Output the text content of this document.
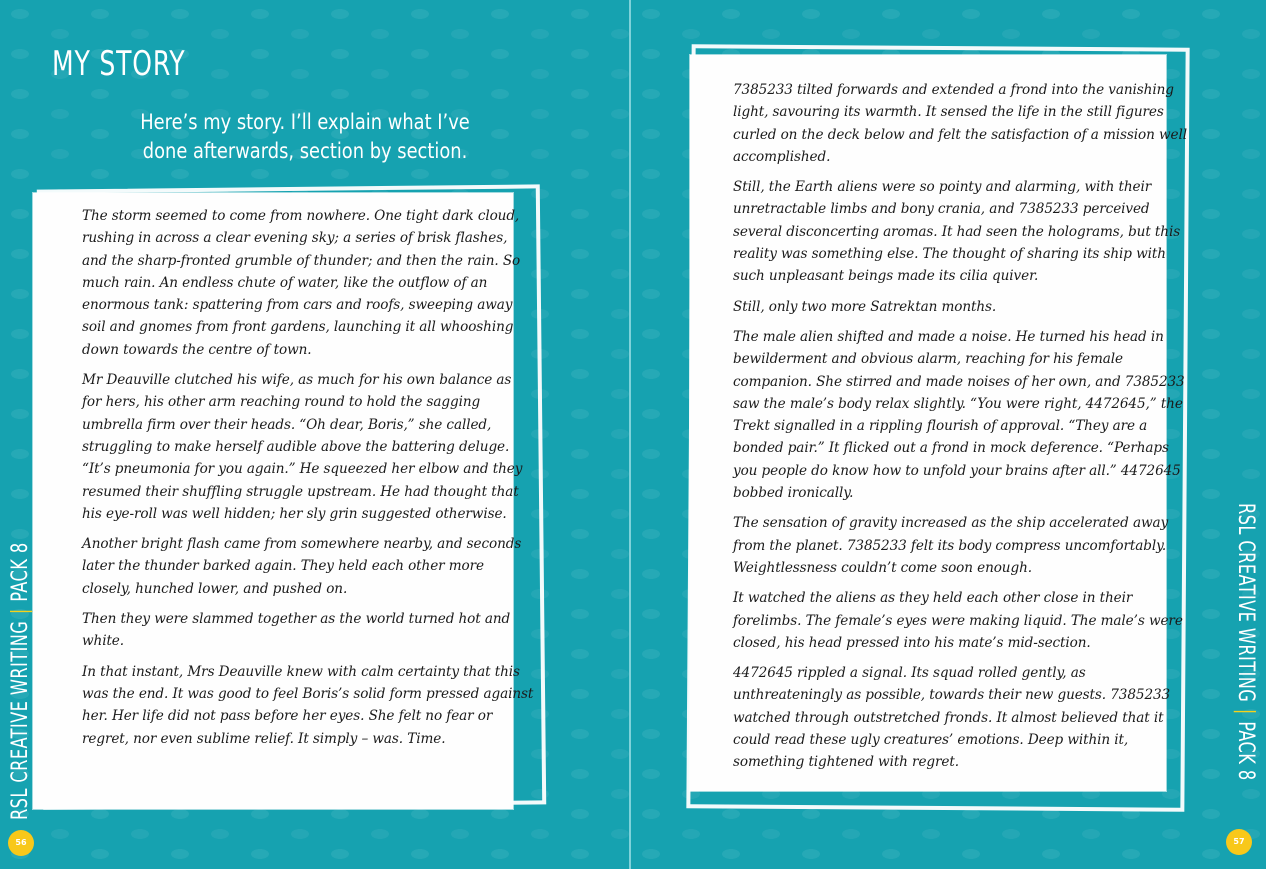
MY STORY
Here’s my story. I’ll explain what I’ve done afterwards, section by section.

The storm seemed to come from nowhere. One tight dark cloud, rushing in across a clear evening sky; a series of brisk flashes, and the sharp-fronted grumble of thunder; and then the rain. So much rain. An endless chute of water, like the outflow of an enormous tank: spattering from cars and roofs, sweeping away soil and gnomes from front gardens, launching it all whooshing down towards the centre of town.

Mr Deauville clutched his wife, as much for his own balance as for hers, his other arm reaching round to hold the sagging umbrella firm over their heads. “Oh dear, Boris,” she called, struggling to make herself audible above the battering deluge. “It’s pneumonia for you again.” He squeezed her elbow and they resumed their shuffling struggle upstream. He had thought that his eye-roll was well hidden; her sly grin suggested otherwise.

Another bright flash came from somewhere nearby, and seconds later the thunder barked again. They held each other more closely, hunched lower, and pushed on.

Then they were slammed together as the world turned hot and white.

In that instant, Mrs Deauville knew with calm certainty that this was the end. It was good to feel Boris’s solid form pressed against her. Her life did not pass before her eyes. She felt no fear or regret, nor even sublime relief. It simply – was. Time.

RSL CREATIVE WRITING|PACK 8
56

7385233 tilted forwards and extended a frond into the vanishing light, savouring its warmth. It sensed the life in the still figures curled on the deck below and felt the satisfaction of a mission well accomplished.

Still, the Earth aliens were so pointy and alarming, with their unretractable limbs and bony crania, and 7385233 perceived several disconcerting aromas. It had seen the holograms, but this reality was something else. The thought of sharing its ship with such unpleasant beings made its cilia quiver.

Still, only two more Satrektan months.

The male alien shifted and made a noise. He turned his head in bewilderment and obvious alarm, reaching for his female companion. She stirred and made noises of her own, and 7385233 saw the male’s body relax slightly. “You were right, 4472645,” the Trekt signalled in a rippling flourish of approval. “They are a bonded pair.” It flicked out a frond in mock deference. “Perhaps you people do know how to unfold your brains after all.” 4472645 bobbed ironically.

The sensation of gravity increased as the ship accelerated away from the planet. 7385233 felt its body compress uncomfortably. Weightlessness couldn’t come soon enough.

It watched the aliens as they held each other close in their forelimbs. The female’s eyes were making liquid. The male’s were closed, his head pressed into his mate’s mid-section.

4472645 rippled a signal. Its squad rolled gently, as unthreateningly as possible, towards their new guests. 7385233 watched through outstretched fronds. It almost believed that it could read these ugly creatures’ emotions. Deep within it, something tightened with regret.

RSL CREATIVE WRITING|PACK 8
57
